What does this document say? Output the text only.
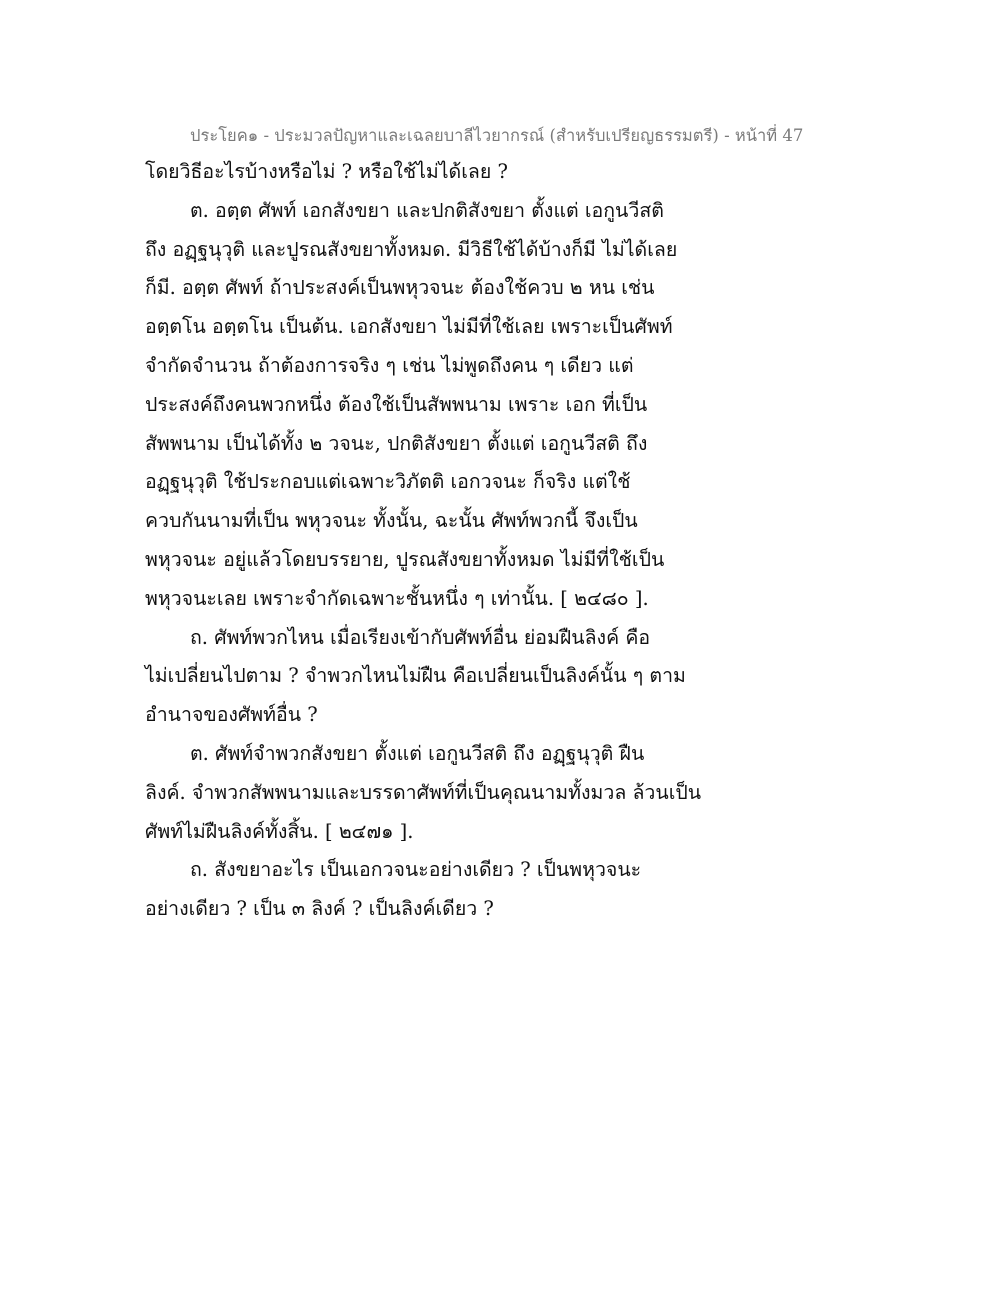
ประโยค๑ - ประมวลปัญหาและเฉลยบาลีไวยากรณ์ (สำหรับเปรียญธรรมตรี) - หน้าที่ 47
โดยวิธีอะไรบ้างหรือไม่ ? หรือใช้ไม่ได้เลย ?
ต. อตฺต ศัพท์ เอกสังขยา และปกติสังขยา ตั้งแต่ เอกูนวีสติ
ถึง อฏฺฐนุวุติ และปูรณสังขยาทั้งหมด. มีวิธีใช้ได้บ้างก็มี ไม่ได้เลย
ก็มี. อตฺต ศัพท์ ถ้าประสงค์เป็นพหุวจนะ ต้องใช้ควบ ๒ หน เช่น
อตฺตโน อตฺตโน เป็นต้น. เอกสังขยา ไม่มีที่ใช้เลย เพราะเป็นศัพท์
จำกัดจำนวน ถ้าต้องการจริง ๆ เช่น ไม่พูดถึงคน ๆ เดียว แต่
ประสงค์ถึงคนพวกหนึ่ง ต้องใช้เป็นสัพพนาม เพราะ เอก ที่เป็น
สัพพนาม เป็นได้ทั้ง ๒ วจนะ, ปกติสังขยา ตั้งแต่ เอกูนวีสติ ถึง
อฏฺฐนุวุติ ใช้ประกอบแต่เฉพาะวิภัตติ เอกวจนะ ก็จริง แต่ใช้
ควบกันนามที่เป็น พหุวจนะ ทั้งนั้น, ฉะนั้น ศัพท์พวกนี้ จึงเป็น
พหุวจนะ อยู่แล้วโดยบรรยาย, ปูรณสังขยาทั้งหมด ไม่มีที่ใช้เป็น
พหุวจนะเลย เพราะจำกัดเฉพาะชั้นหนึ่ง ๆ เท่านั้น. [ ๒๔๘๐ ].
ถ. ศัพท์พวกไหน เมื่อเรียงเข้ากับศัพท์อื่น ย่อมฝืนลิงค์ คือ
ไม่เปลี่ยนไปตาม ? จำพวกไหนไม่ฝืน คือเปลี่ยนเป็นลิงค์นั้น ๆ ตาม
อำนาจของศัพท์อื่น ?
ต. ศัพท์จำพวกสังขยา ตั้งแต่ เอกูนวีสติ ถึง อฏฺฐนุวุติ ฝืน
ลิงค์. จำพวกสัพพนามและบรรดาศัพท์ที่เป็นคุณนามทั้งมวล ล้วนเป็น
ศัพท์ไม่ฝืนลิงค์ทั้งสิ้น. [ ๒๔๗๑ ].
ถ. สังขยาอะไร เป็นเอกวจนะอย่างเดียว ? เป็นพหุวจนะ
อย่างเดียว ? เป็น ๓ ลิงค์ ? เป็นลิงค์เดียว ?
